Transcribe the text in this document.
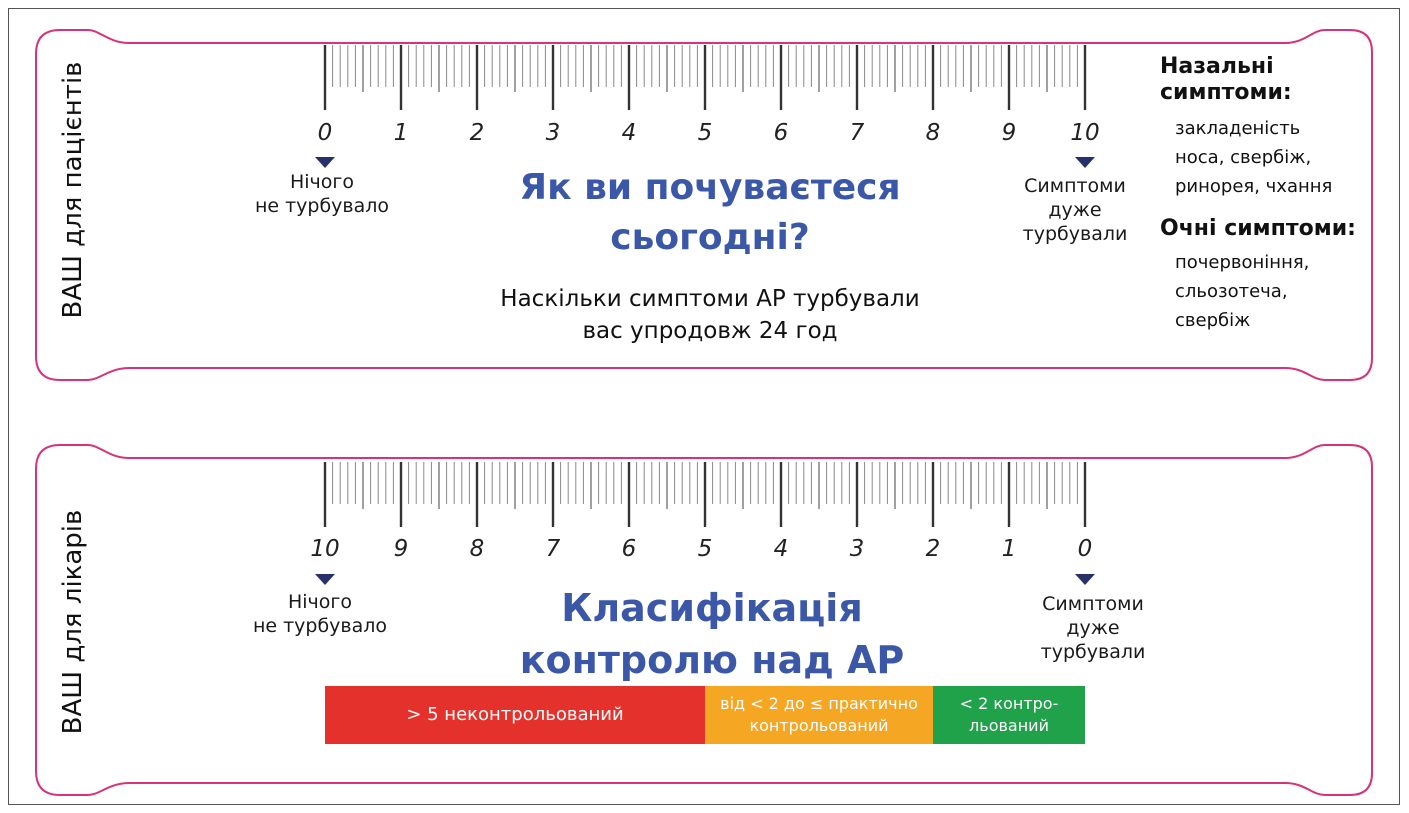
ВАШ для пацієнтів	0	1	2	3	4	5	6	7	8	9	10
Нічого
не турбувало
Симптоми
дуже
турбували
Як ви почуваєтеся
сьогодні?
Наскільки симптоми АР турбували
вас упродовж 24 год
Назальні
симптоми:
закладеність
носа, свербіж,
ринорея, чхання
Очні симптоми:
почервоніння,
сльозотеча,
свербіж
ВАШ для лікарів	10	9	8	7	6	5	4	3	2	1	0
Нічого
не турбувало
Симптоми
дуже
турбували
Класифікація
контролю над АР
> 5 неконтрольований
від < 2 до ≤ практично
контрольований
< 2 контро-
льований
